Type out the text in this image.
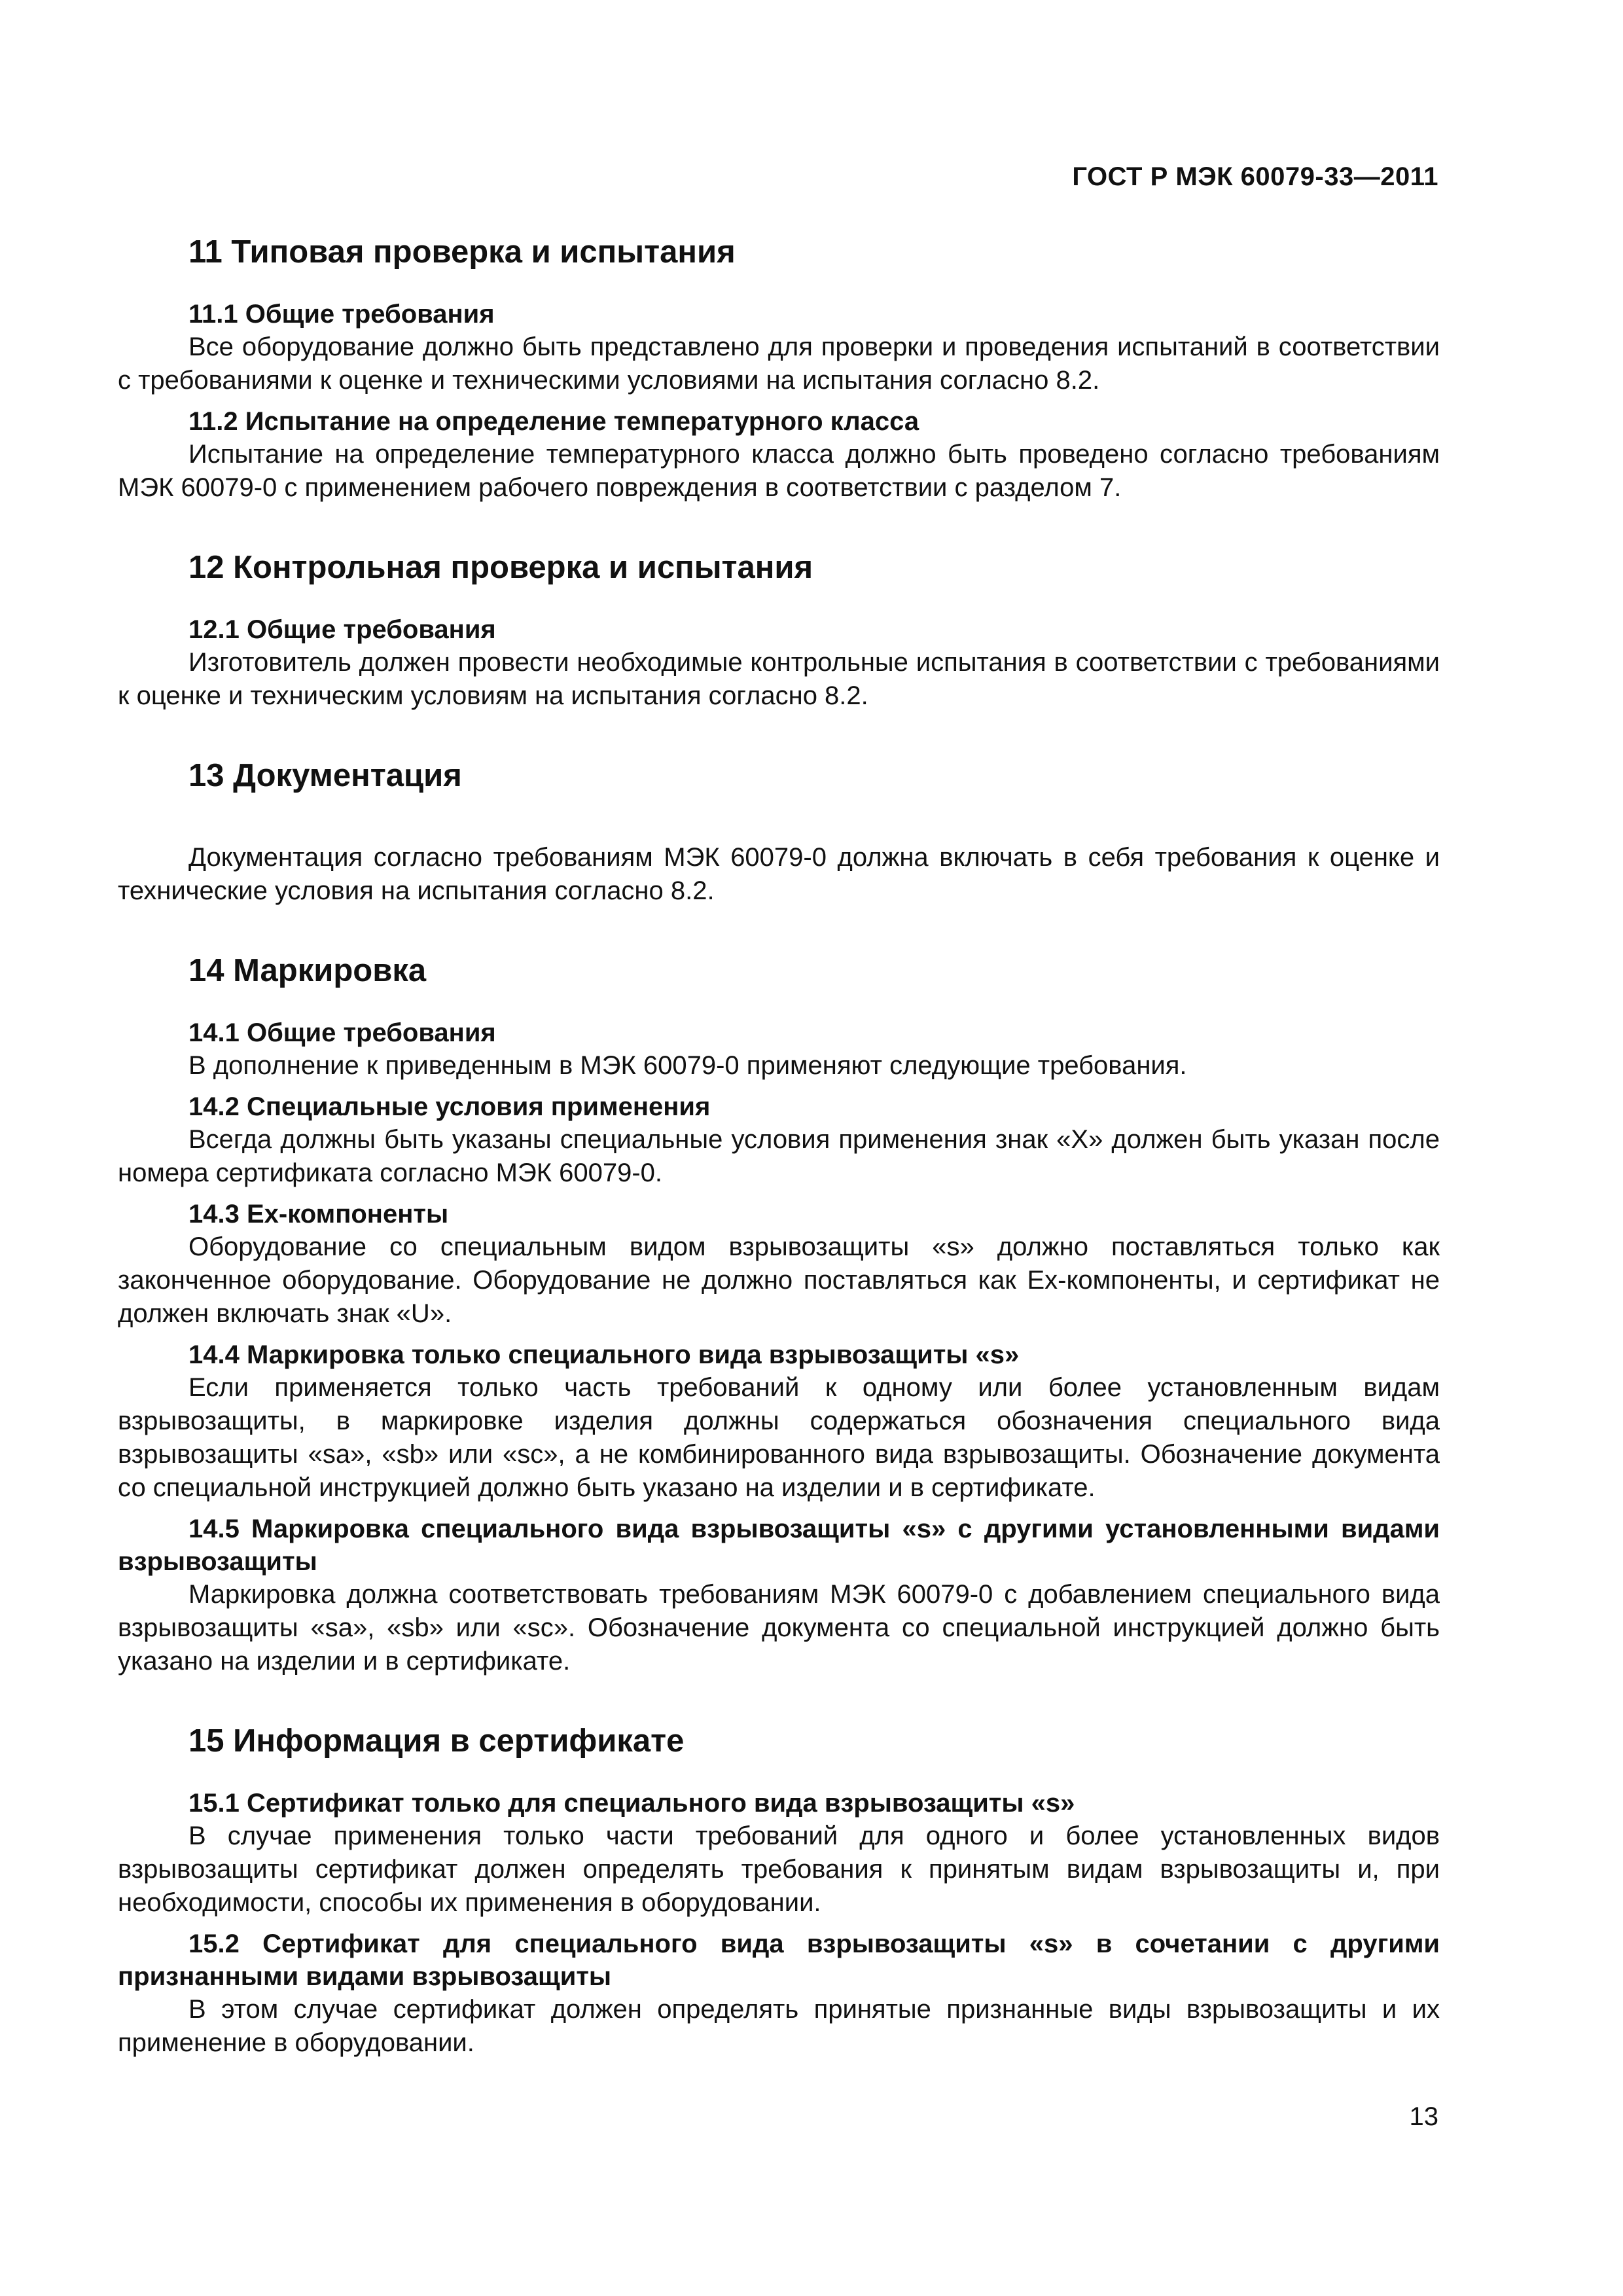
ГОСТ Р МЭК 60079-33—2011
11 Типовая проверка и испытания
11.1 Общие требования
Все оборудование должно быть представлено для проверки и проведения испытаний в соответствии с требованиями к оценке и техническими условиями на испытания согласно 8.2.
11.2 Испытание на определение температурного класса
Испытание на определение температурного класса должно быть проведено согласно требованиям МЭК 60079-0 с применением рабочего повреждения в соответствии с разделом 7.
12 Контрольная проверка и испытания
12.1 Общие требования
Изготовитель должен провести необходимые контрольные испытания в соответствии с требованиями к оценке и техническим условиям на испытания согласно 8.2.
13 Документация
Документация согласно требованиям МЭК 60079-0 должна включать в себя требования к оценке и технические условия на испытания согласно 8.2.
14 Маркировка
14.1 Общие требования
В дополнение к приведенным в МЭК 60079-0 применяют следующие требования.
14.2 Специальные условия применения
Всегда должны быть указаны специальные условия применения знак «X» должен быть указан после номера сертификата согласно МЭК 60079-0.
14.3 Ex-компоненты
Оборудование со специальным видом взрывозащиты «s» должно поставляться только как законченное оборудование. Оборудование не должно поставляться как Ex-компоненты, и сертификат не должен включать знак «U».
14.4 Маркировка только специального вида взрывозащиты «s»
Если применяется только часть требований к одному или более установленным видам взрывозащиты, в маркировке изделия должны содержаться обозначения специального вида взрывозащиты «sa», «sb» или «sc», а не комбинированного вида взрывозащиты. Обозначение документа со специальной инструкцией должно быть указано на изделии и в сертификате.
14.5 Маркировка специального вида взрывозащиты «s» с другими установленными видами взрывозащиты
Маркировка должна соответствовать требованиям МЭК 60079-0 с добавлением специального вида взрывозащиты «sa», «sb» или «sc». Обозначение документа со специальной инструкцией должно быть указано на изделии и в сертификате.
15 Информация в сертификате
15.1 Сертификат только для специального вида взрывозащиты «s»
В случае применения только части требований для одного и более установленных видов взрывозащиты сертификат должен определять требования к принятым видам взрывозащиты и, при необходимости, способы их применения в оборудовании.
15.2 Сертификат для специального вида взрывозащиты «s» в сочетании с другими признанными видами взрывозащиты
В этом случае сертификат должен определять принятые признанные виды взрывозащиты и их применение в оборудовании.
13
